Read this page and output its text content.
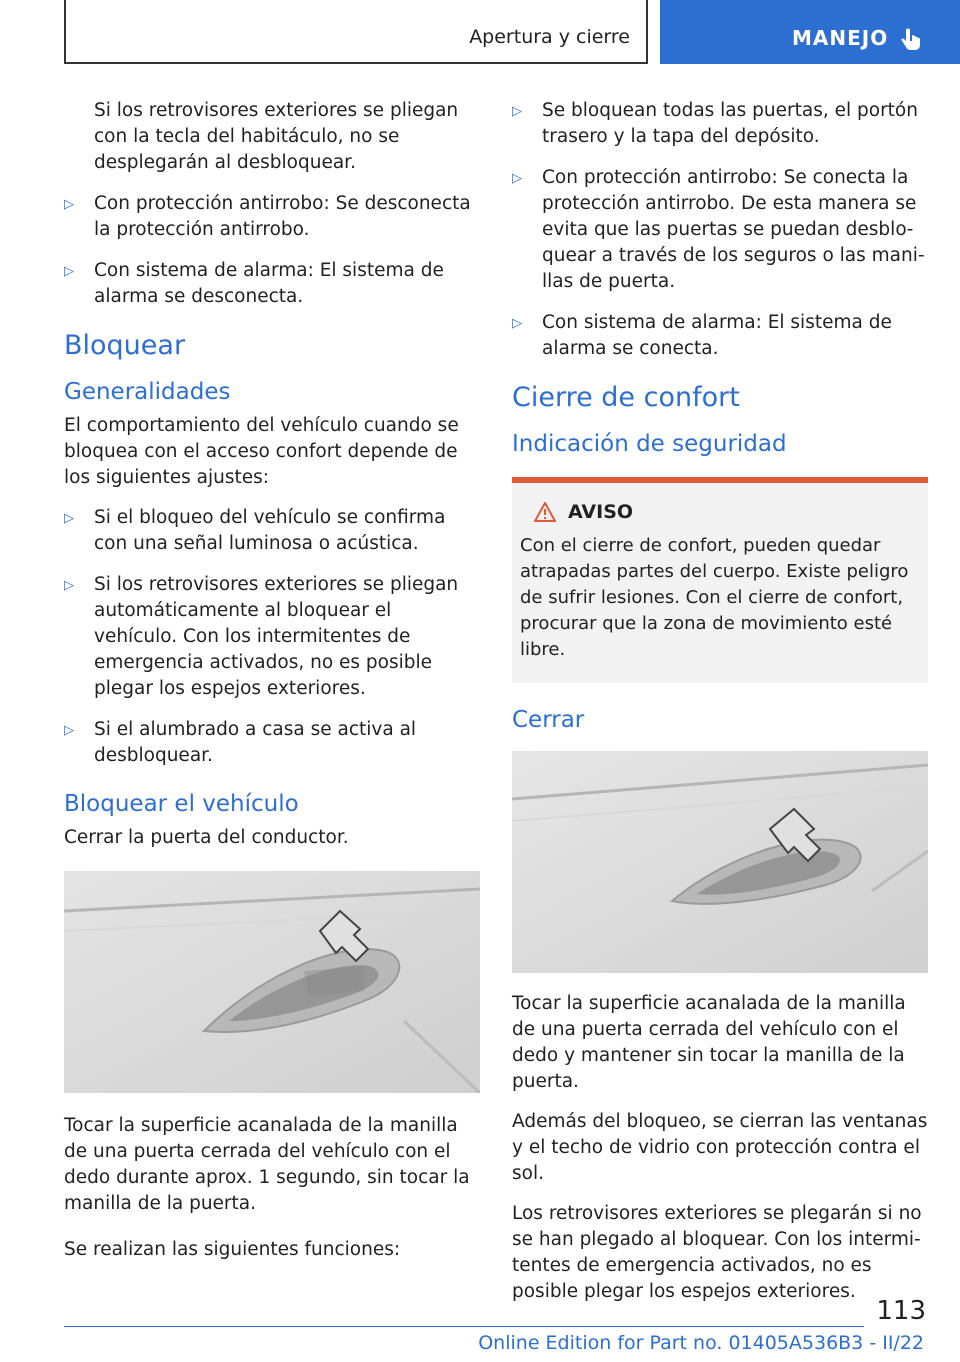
Apertura y cierre	MANEJO
Si los retrovisores exteriores se pliegan con la tecla del habitáculo, no se desplegarán al desbloquear.
▷ Con protección antirrobo: Se desconecta la protección antirrobo.
▷ Con sistema de alarma: El sistema de alarma se desconecta.
Bloquear
Generalidades

El comportamiento del vehículo cuando se bloquea con el acceso confort depende de los siguientes ajustes:

▷ Si el bloqueo del vehículo se confirma con una señal luminosa o acústica.
▷ Si los retrovisores exteriores se pliegan automáticamente al bloquear el vehículo. Con los intermitentes de emergencia activados, no es posible plegar los espejos exteriores.
▷ Si el alumbrado a casa se activa al desbloquear.
Bloquear el vehículo

Cerrar la puerta del conductor.

Tocar la superficie acanalada de la manilla de una puerta cerrada del vehículo con el dedo durante aprox. 1 segundo, sin tocar la manilla de la puerta.

Se realizan las siguientes funciones:

▷ Se bloquean todas las puertas, el portón trasero y la tapa del depósito.
▷ Con protección antirrobo: Se conecta la protección antirrobo. De esta manera se evita que las puertas se puedan desbloquear a través de los seguros o las manillas de puerta.
▷ Con sistema de alarma: El sistema de alarma se conecta.
Cierre de confort
Indicación de seguridad
AVISO
Con el cierre de confort, pueden quedar atrapadas partes del cuerpo. Existe peligro de sufrir lesiones. Con el cierre de confort, procurar que la zona de movimiento esté libre.
Cerrar

Tocar la superficie acanalada de la manilla de una puerta cerrada del vehículo con el dedo y mantener sin tocar la manilla de la puerta.

Además del bloqueo, se cierran las ventanas y el techo de vidrio con protección contra el sol.

Los retrovisores exteriores se plegarán si no se han plegado al bloquear. Con los intermitentes de emergencia activados, no es posible plegar los espejos exteriores.

113
Online Edition for Part no. 01405A536B3 - II/22
